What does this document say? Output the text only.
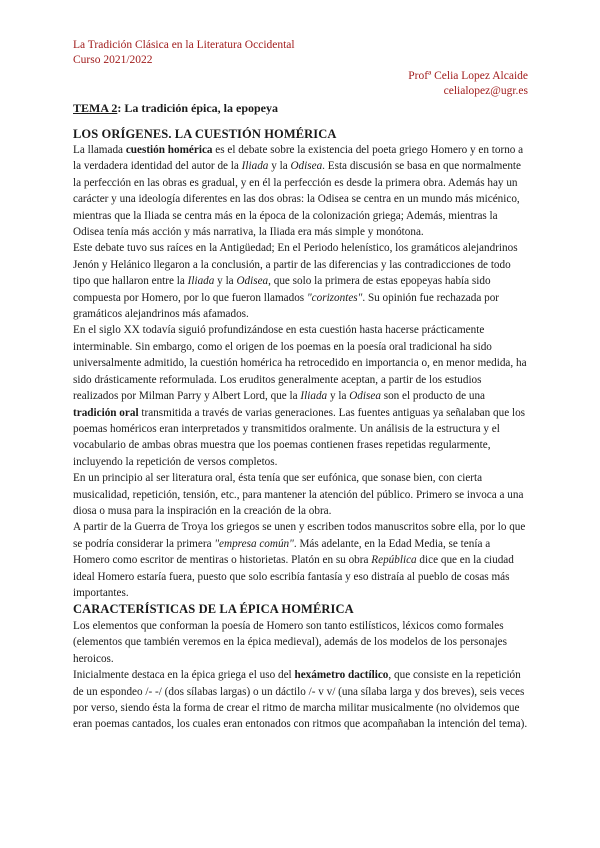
La Tradición Clásica en la Literatura Occidental
Curso 2021/2022
Profª Celia Lopez Alcaide
celialopez@ugr.es
TEMA 2: La tradición épica, la epopeya
LOS ORÍGENES. LA CUESTIÓN HOMÉRICA

La llamada cuestión homérica es el debate sobre la existencia del poeta griego Homero y en torno a la verdadera identidad del autor de la Iliada y la Odisea. Esta discusión se basa en que normalmente la perfección en las obras es gradual, y en él la perfección es desde la primera obra. Además hay un carácter y una ideología diferentes en las dos obras: la Odisea se centra en un mundo más micénico, mientras que la Iliada se centra más en la época de la colonización griega; Además, mientras la Odisea tenía más acción y más narrativa, la Iliada era más simple y monótona.

Este debate tuvo sus raíces en la Antigüedad; En el Periodo helenístico, los gramáticos alejandrinos Jenón y Helánico llegaron a la conclusión, a partir de las diferencias y las contradicciones de todo tipo que hallaron entre la Iliada y la Odisea, que solo la primera de estas epopeyas había sido compuesta por Homero, por lo que fueron llamados "corizontes". Su opinión fue rechazada por gramáticos alejandrinos más afamados.

En el siglo XX todavía siguió profundizándose en esta cuestión hasta hacerse prácticamente interminable. Sin embargo, como el origen de los poemas en la poesía oral tradicional ha sido universalmente admitido, la cuestión homérica ha retrocedido en importancia o, en menor medida, ha sido drásticamente reformulada. Los eruditos generalmente aceptan, a partir de los estudios realizados por Milman Parry y Albert Lord, que la Iliada y la Odisea son el producto de una tradición oral transmitida a través de varias generaciones. Las fuentes antiguas ya señalaban que los poemas homéricos eran interpretados y transmitidos oralmente. Un análisis de la estructura y el vocabulario de ambas obras muestra que los poemas contienen frases repetidas regularmente, incluyendo la repetición de versos completos.

En un principio al ser literatura oral, ésta tenía que ser eufónica, que sonase bien, con cierta musicalidad, repetición, tensión, etc., para mantener la atención del público. Primero se invoca a una diosa o musa para la inspiración en la creación de la obra.

A partir de la Guerra de Troya los griegos se unen y escriben todos manuscritos sobre ella, por lo que se podría considerar la primera "empresa común". Más adelante, en la Edad Media, se tenía a Homero como escritor de mentiras o historietas. Platón en su obra República dice que en la ciudad ideal Homero estaría fuera, puesto que solo escribía fantasía y eso distraía al pueblo de cosas más importantes.

CARACTERÍSTICAS DE LA ÉPICA HOMÉRICA

Los elementos que conforman la poesía de Homero son tanto estilísticos, léxicos como formales (elementos que también veremos en la épica medieval), además de los modelos de los personajes heroicos.

Inicialmente destaca en la épica griega el uso del hexámetro dactílico, que consiste en la repetición de un espondeo /- -/ (dos sílabas largas) o un dáctilo /- v v/ (una sílaba larga y dos breves), seis veces por verso, siendo ésta la forma de crear el ritmo de marcha militar musicalmente (no olvidemos que eran poemas cantados, los cuales eran entonados con ritmos que acompañaban la intención del tema).
